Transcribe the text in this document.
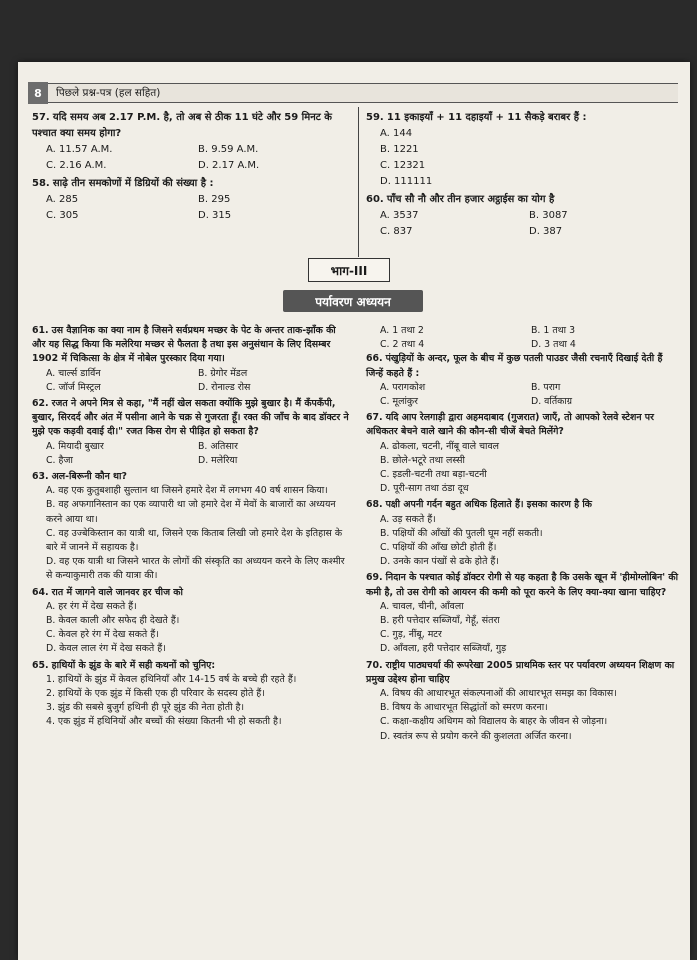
8	पिछले प्रश्न-पत्र (हल सहित)
57. यदि समय अब 2.17 P.M. है, तो अब से ठीक 11 घंटे और 59 मिनट के पश्चात क्या समय होगा?
A. 11.57 A.M.	B. 9.59 A.M.
C. 2.16 A.M.	D. 2.17 A.M.
58. साढ़े तीन समकोणों में डिग्रियों की संख्या है :
A. 285	B. 295
C. 305	D. 315
59. 11 इकाइयाँ + 11 दहाइयाँ + 11 सैकड़े बराबर हैं :
A. 144
B. 1221
C. 12321
D. 111111
60. पाँच सौ नौ और तीन हजार अट्ठाईस का योग है
A. 3537	B. 3087
C. 837	D. 387
भाग-III
पर्यावरण अध्ययन
61. उस वैज्ञानिक का क्या नाम है जिसने सर्वप्रथम मच्छर के पेट के अन्तर ताक-झाँक की और यह सिद्ध किया कि मलेरिया मच्छर से फैलता है तथा इस अनुसंधान के लिए दिसम्बर 1902 में चिकित्सा के क्षेत्र में नोबेल पुरस्कार दिया गया।
A. चार्ल्स डार्विन	B. ग्रेगोर मेंडल
C. जॉर्ज मिस्ट्रल	D. रोनाल्ड रोस
62. रजत ने अपने मित्र से कहा, "मैं नहीं खेल सकता क्योंकि मुझे बुखार है। मैं कँपकँपी, बुखार, सिरदर्द और अंत में पसीना आने के चक्र से गुजरता हूँ। रक्त की जाँच के बाद डॉक्टर ने मुझे एक कड़वी दवाई दी।" रजत किस रोग से पीड़ित हो सकता है?
A. मियादी बुखार	B. अतिसार
C. हैजा	D. मलेरिया
63. अल-बिरूनी कौन था?
A. वह एक कुतुबशाही सुल्तान था जिसने हमारे देश में लगभग 40 वर्ष शासन किया।
B. वह अफगानिस्तान का एक व्यापारी था जो हमारे देश में मेवों के बाजारों का अध्ययन करने आया था।
C. वह उज्बेकिस्तान का यात्री था, जिसने एक किताब लिखी जो हमारे देश के इतिहास के बारे में जानने में सहायक है।
D. वह एक यात्री था जिसने भारत के लोगों की संस्कृति का अध्ययन करने के लिए कश्मीर से कन्याकुमारी तक की यात्रा की।
64. रात में जागने वाले जानवर हर चीज को
A. हर रंग में देख सकते हैं।
B. केवल काली और सफेद ही देखते हैं।
C. केवल हरे रंग में देख सकते हैं।
D. केवल लाल रंग में देख सकते हैं।
65. हाथियों के झुंड के बारे में सही कथनों को चुनिए:
1. हाथियों के झुंड में केवल हथिनियाँ और 14-15 वर्ष के बच्चे ही रहते हैं।
2. हाथियों के एक झुंड में किसी एक ही परिवार के सदस्य होते हैं।
3. झुंड की सबसे बुजुर्ग हथिनी ही पूरे झुंड की नेता होती है।
4. एक झुंड में हथिनियों और बच्चों की संख्या कितनी भी हो सकती है।
A. 1 तथा 2	B. 1 तथा 3
C. 2 तथा 4	D. 3 तथा 4
66. पंखुड़ियों के अन्दर, फूल के बीच में कुछ पतली पाउडर जैसी रचनाएँ दिखाई देती हैं जिन्हें कहते हैं :
A. परागकोश	B. पराग
C. मूलांकुर	D. वर्तिकाग्र
67. यदि आप रेलगाड़ी द्वारा अहमदाबाद (गुजरात) जाएँ, तो आपको रेलवे स्टेशन पर अधिकतर बेचने वाले खाने की कौन-सी चीजें बेचते मिलेंगे?
A. ढोकला, चटनी, नींबू वाले चावल
B. छोले-भटूरे तथा लस्सी
C. इडली-चटनी तथा बड़ा-चटनी
D. पूरी-साग तथा ठंडा दूध
68. पक्षी अपनी गर्दन बहुत अधिक हिलाते हैं। इसका कारण है कि
A. उड़ सकते हैं।
B. पक्षियों की आँखों की पुतली घूम नहीं सकती।
C. पक्षियों की आँख छोटी होती हैं।
D. उनके कान पंखों से ढके होते हैं।
69. निदान के पश्चात कोई डॉक्टर रोगी से यह कहता है कि उसके खून में 'हीमोग्लोबिन' की कमी है, तो उस रोगी को आयरन की कमी को पूरा करने के लिए क्या-क्या खाना चाहिए?
A. चावल, चीनी, आँवला
B. हरी पत्तेदार सब्जियाँ, गेहूँ, संतरा
C. गुड़, नींबू, मटर
D. आँवला, हरी पत्तेदार सब्जियाँ, गुड़
70. राष्ट्रीय पाठ्यचर्या की रूपरेखा 2005 प्राथमिक स्तर पर पर्यावरण अध्ययन शिक्षण का प्रमुख उद्देश्य होना चाहिए
A. विषय की आधारभूत संकल्पनाओं की आधारभूत समझ का विकास।
B. विषय के आधारभूत सिद्धांतों को स्मरण करना।
C. कक्षा-कक्षीय अधिगम को विद्यालय के बाहर के जीवन से जोड़ना।
D. स्वतंत्र रूप से प्रयोग करने की कुशलता अर्जित करना।
